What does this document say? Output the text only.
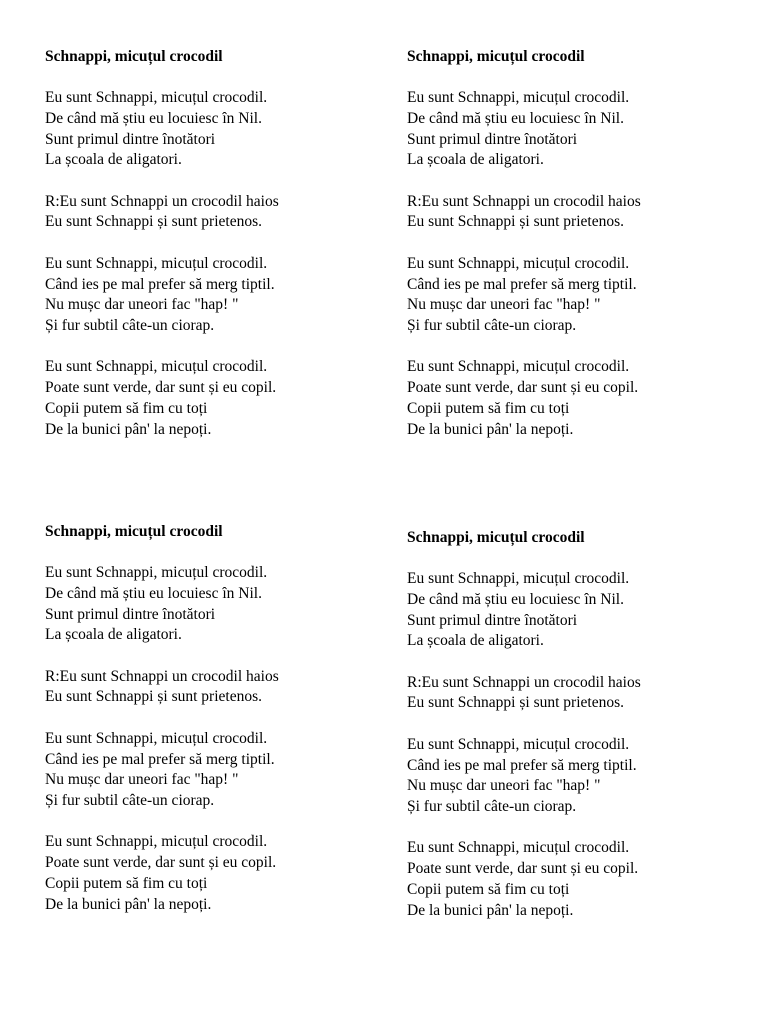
Schnappi, micuțul crocodil
Eu sunt Schnappi, micuțul crocodil.
De când mă știu eu locuiesc în Nil.
Sunt primul dintre înotători
La școala de aligatori.
R:Eu sunt Schnappi un crocodil haios
Eu sunt Schnappi și sunt prietenos.
Eu sunt Schnappi, micuțul crocodil.
Când ies pe mal prefer să merg tiptil.
Nu mușc dar uneori fac "hap! "
Și fur subtil câte-un ciorap.
Eu sunt Schnappi, micuțul crocodil.
Poate sunt verde, dar sunt și eu copil.
Copii putem să fim cu toți
De la bunici pân' la nepoți.
Schnappi, micuțul crocodil
Eu sunt Schnappi, micuțul crocodil.
De când mă știu eu locuiesc în Nil.
Sunt primul dintre înotători
La școala de aligatori.
R:Eu sunt Schnappi un crocodil haios
Eu sunt Schnappi și sunt prietenos.
Eu sunt Schnappi, micuțul crocodil.
Când ies pe mal prefer să merg tiptil.
Nu mușc dar uneori fac "hap! "
Și fur subtil câte-un ciorap.
Eu sunt Schnappi, micuțul crocodil.
Poate sunt verde, dar sunt și eu copil.
Copii putem să fim cu toți
De la bunici pân' la nepoți.
Schnappi, micuțul crocodil
Eu sunt Schnappi, micuțul crocodil.
De când mă știu eu locuiesc în Nil.
Sunt primul dintre înotători
La școala de aligatori.
R:Eu sunt Schnappi un crocodil haios
Eu sunt Schnappi și sunt prietenos.
Eu sunt Schnappi, micuțul crocodil.
Când ies pe mal prefer să merg tiptil.
Nu mușc dar uneori fac "hap! "
Și fur subtil câte-un ciorap.
Eu sunt Schnappi, micuțul crocodil.
Poate sunt verde, dar sunt și eu copil.
Copii putem să fim cu toți
De la bunici pân' la nepoți.
Schnappi, micuțul crocodil
Eu sunt Schnappi, micuțul crocodil.
De când mă știu eu locuiesc în Nil.
Sunt primul dintre înotători
La școala de aligatori.
R:Eu sunt Schnappi un crocodil haios
Eu sunt Schnappi și sunt prietenos.
Eu sunt Schnappi, micuțul crocodil.
Când ies pe mal prefer să merg tiptil.
Nu mușc dar uneori fac "hap! "
Și fur subtil câte-un ciorap.
Eu sunt Schnappi, micuțul crocodil.
Poate sunt verde, dar sunt și eu copil.
Copii putem să fim cu toți
De la bunici pân' la nepoți.
